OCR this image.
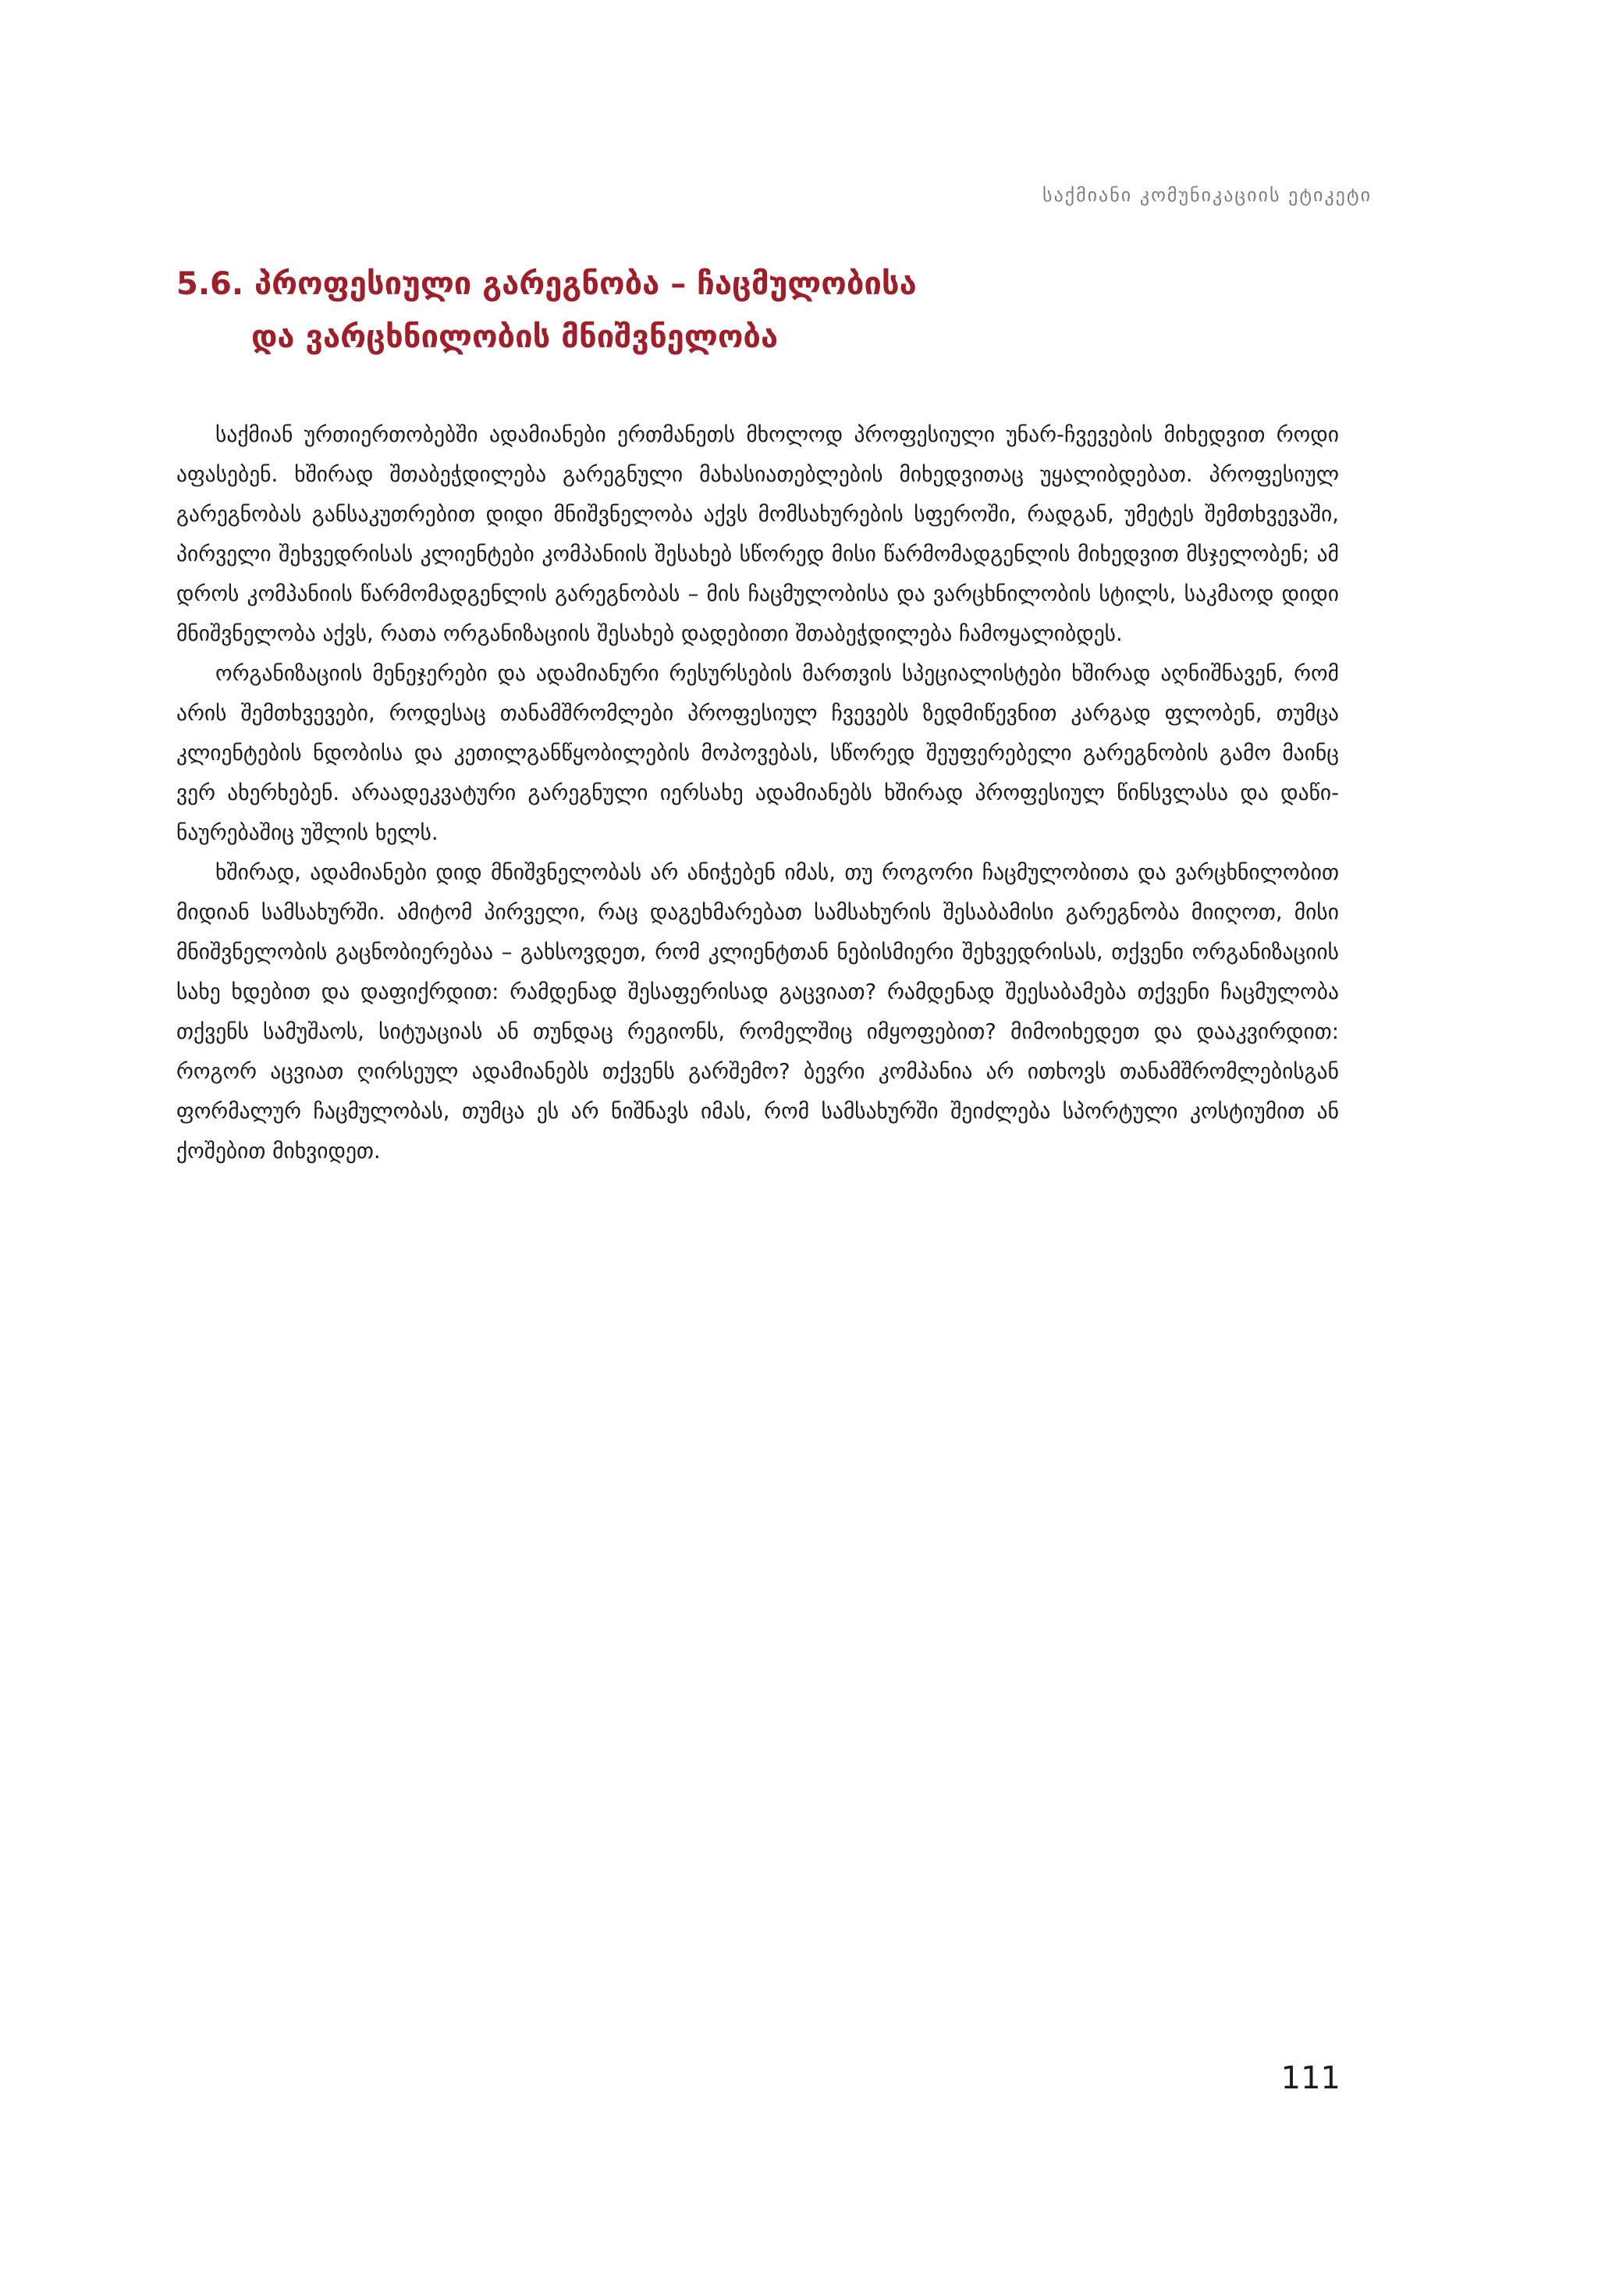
საქმიანი კომუნიკაციის ეტიკეტი
5.6. პროფესიული გარეგნობა – ჩაცმულობისა
და ვარცხნილობის მნიშვნელობა

საქმიან ურთიერთობებში ადამიანები ერთმანეთს მხოლოდ პროფესიული უნარ-ჩვევების მიხედვით როდი აფასებენ. ხშირად შთაბეჭდილება გარეგნული მახასიათებლების მიხედვითაც უყალიბდებათ. პროფესიულ გარეგნობას განსაკუთრებით დიდი მნიშვნელობა აქვს მომსახურების სფეროში, რადგან, უმეტეს შემთხვევაში, პირველი შეხვედრისას კლიენტები კომპანიის შესახებ სწორედ მისი წარმომადგენლის მიხედვით მსჯელობენ; ამ დროს კომპანიის წარმომადგენლის გარეგნობას – მის ჩაცმულობისა და ვარცხნილობის სტილს, საკმაოდ დიდი მნიშვნელობა აქვს, რათა ორგანიზაციის შესახებ დადებითი შთაბეჭდილება ჩამოყალიბდეს.

ორგანიზაციის მენეჯერები და ადამიანური რესურსების მართვის სპეციალისტები ხშირად აღნიშნავენ, რომ არის შემთხვევები, როდესაც თანამშრომლები პროფესიულ ჩვევებს ზედმიწევნით კარგად ფლობენ, თუმცა კლიენტების ნდობისა და კეთილგანწყობილების მოპოვებას, სწორედ შეუფერებელი გარეგნობის გამო მაინც ვერ ახერხებენ. არაადეკვატური გარეგნული იერსახე ადამიანებს ხშირად პროფესიულ წინსვლასა და დაწინაურებაშიც უშლის ხელს.

ხშირად, ადამიანები დიდ მნიშვნელობას არ ანიჭებენ იმას, თუ როგორი ჩაცმულობითა და ვარცხნილობით მიდიან სამსახურში. ამიტომ პირველი, რაც დაგეხმარებათ სამსახურის შესაბამისი გარეგნობა მიიღოთ, მისი მნიშვნელობის გაცნობიერებაა – გახსოვდეთ, რომ კლიენტთან ნებისმიერი შეხვედრისას, თქვენი ორგანიზაციის სახე ხდებით და დაფიქრდით: რამდენად შესაფერისად გაცვიათ? რამდენად შეესაბამება თქვენი ჩაცმულობა თქვენს სამუშაოს, სიტუაციას ან თუნდაც რეგიონს, რომელშიც იმყოფებით? მიმოიხედეთ და დააკვირდით: როგორ აცვიათ ღირსეულ ადამიანებს თქვენს გარშემო? ბევრი კომპანია არ ითხოვს თანამშრომლებისგან ფორმალურ ჩაცმულობას, თუმცა ეს არ ნიშნავს იმას, რომ სამსახურში შეიძლება სპორტული კოსტიუმით ან ქოშებით მიხვიდეთ.

111
